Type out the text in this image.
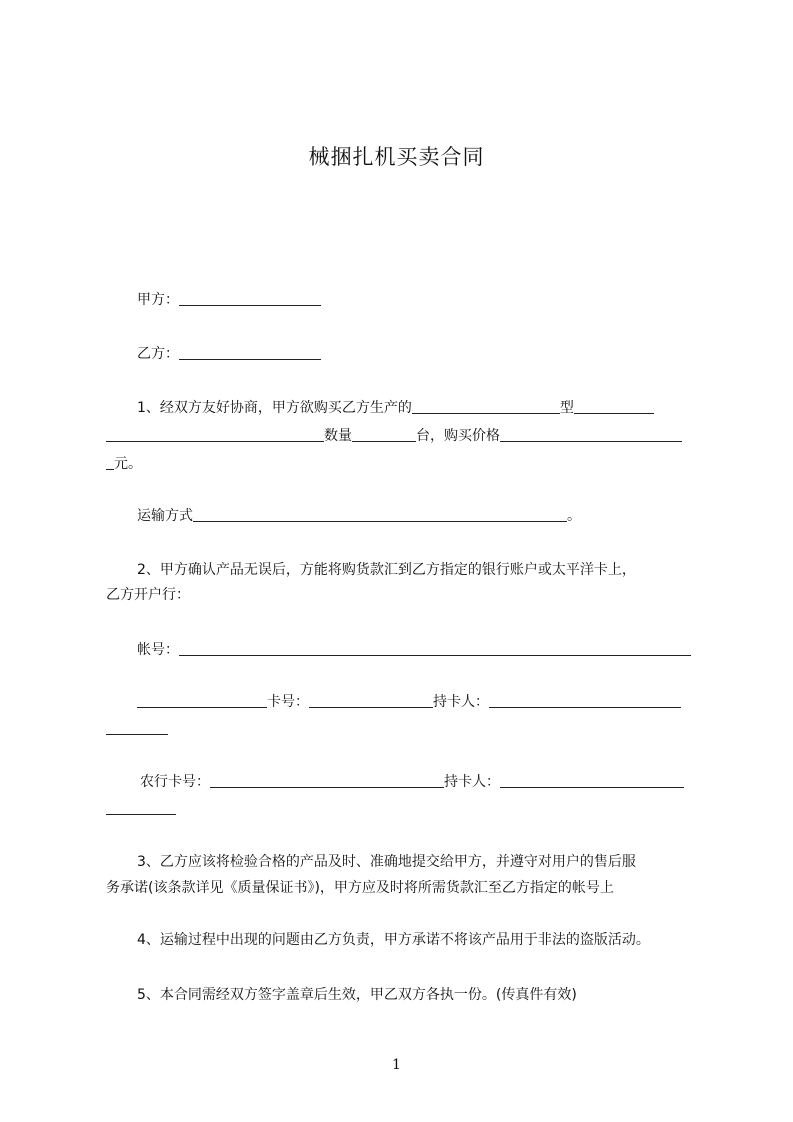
械捆扎机买卖合同
甲方：
乙方：
1、经双方友好协商，甲方欲购买乙方生产的	型
数量	台，购买价格
元。
运输方式	。
2、甲方确认产品无误后，方能将购货款汇到乙方指定的银行账户或太平洋卡上，
乙方开户行：
帐号：
卡号：	持卡人：
农行卡号：	持卡人：
3、乙方应该将检验合格的产品及时、准确地提交给甲方，并遵守对用户的售后服
务承诺(该条款详见《质量保证书》)，甲方应及时将所需货款汇至乙方指定的帐号上
4、运输过程中出现的问题由乙方负责，甲方承诺不将该产品用于非法的盗版活动。
5、本合同需经双方签字盖章后生效，甲乙双方各执一份。(传真件有效)
1
